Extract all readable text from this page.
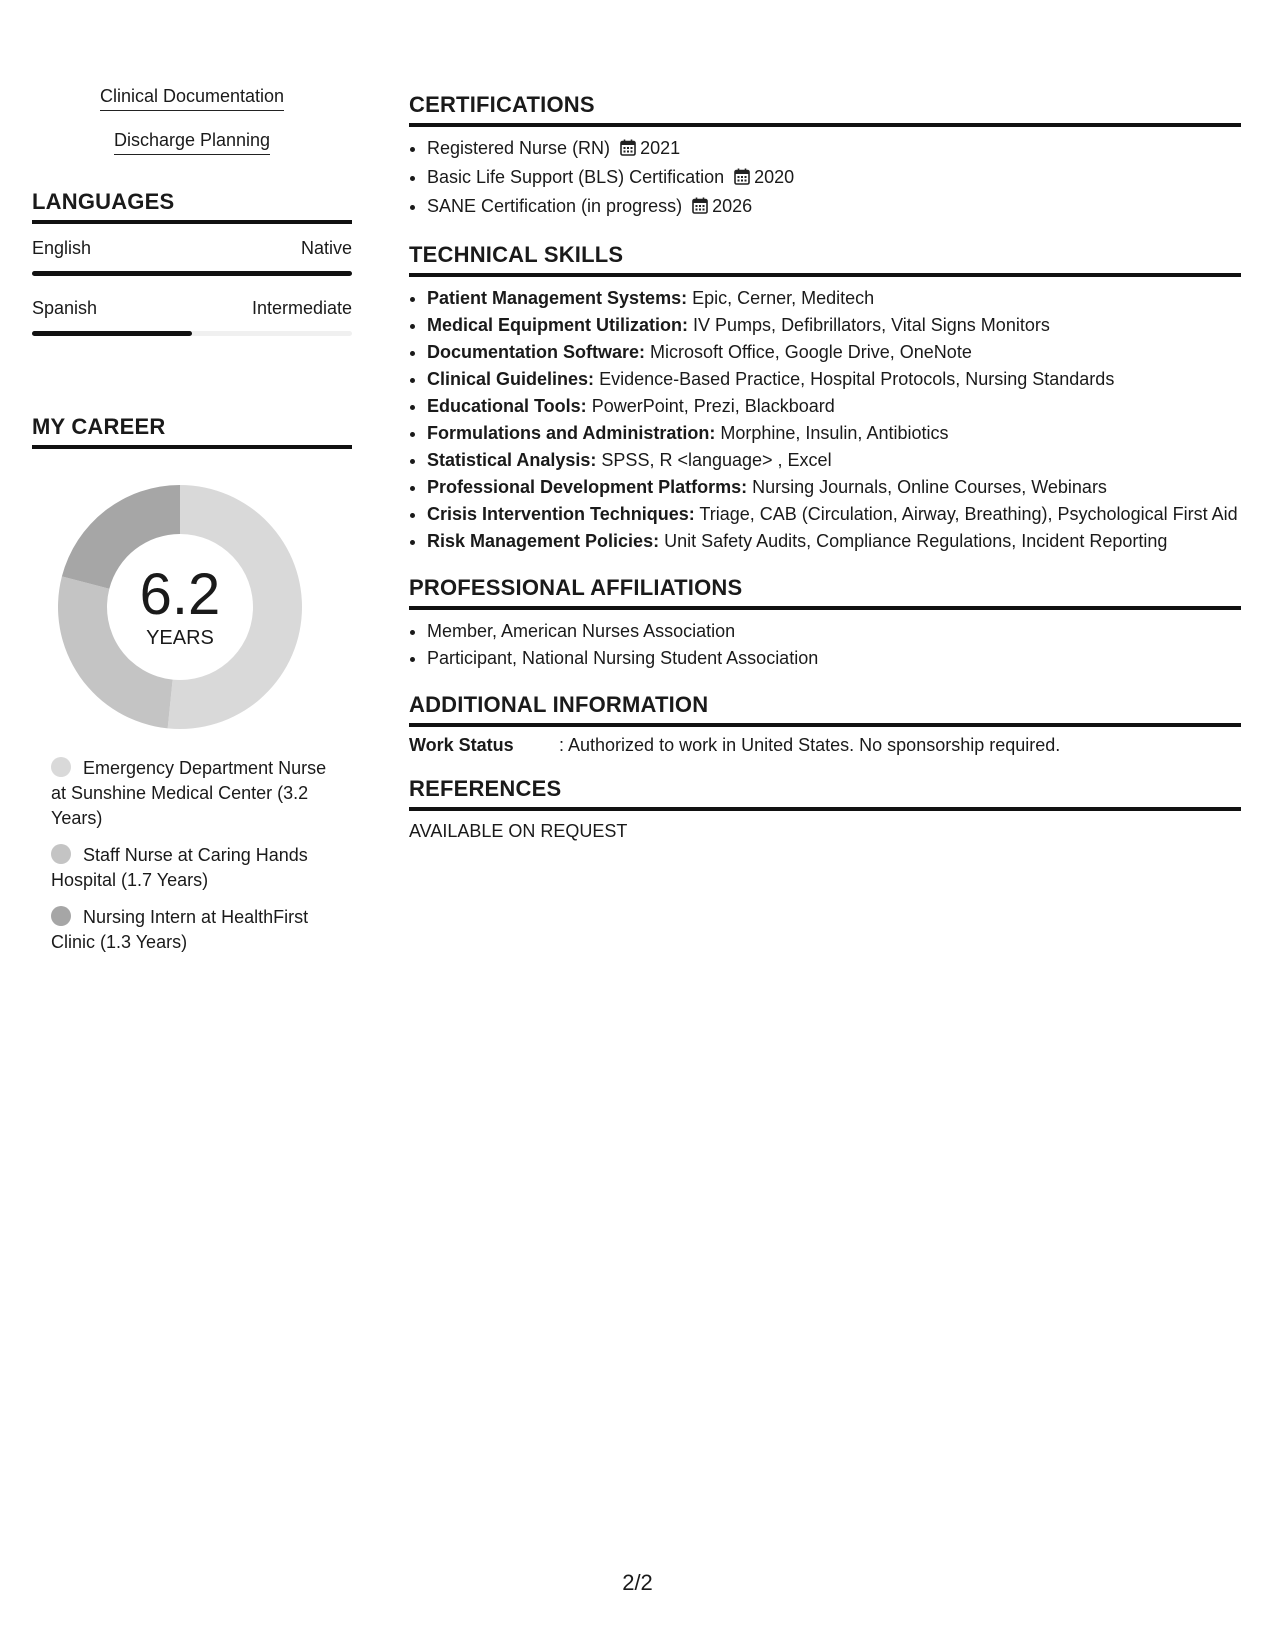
Clinical Documentation
Discharge Planning
LANGUAGES
English	Native
Spanish	Intermediate
MY CAREER
6.2
YEARS
Emergency Department Nurse at Sunshine Medical Center (3.2 Years)
Staff Nurse at Caring Hands Hospital (1.7 Years)
Nursing Intern at HealthFirst Clinic (1.3 Years)
CERTIFICATIONS
• Registered Nurse (RN) 2021
• Basic Life Support (BLS) Certification 2020
• SANE Certification (in progress) 2026
TECHNICAL SKILLS
• Patient Management Systems: Epic, Cerner, Meditech
• Medical Equipment Utilization: IV Pumps, Defibrillators, Vital Signs Monitors
• Documentation Software: Microsoft Office, Google Drive, OneNote
• Clinical Guidelines: Evidence-Based Practice, Hospital Protocols, Nursing Standards
• Educational Tools: PowerPoint, Prezi, Blackboard
• Formulations and Administration: Morphine, Insulin, Antibiotics
• Statistical Analysis: SPSS, R <language> , Excel
• Professional Development Platforms: Nursing Journals, Online Courses, Webinars
• Crisis Intervention Techniques: Triage, CAB (Circulation, Airway, Breathing), Psychological First Aid
• Risk Management Policies: Unit Safety Audits, Compliance Regulations, Incident Reporting
PROFESSIONAL AFFILIATIONS
• Member, American Nurses Association
• Participant, National Nursing Student Association
ADDITIONAL INFORMATION
Work Status	: Authorized to work in United States. No sponsorship required.
REFERENCES
AVAILABLE ON REQUEST
2/2
